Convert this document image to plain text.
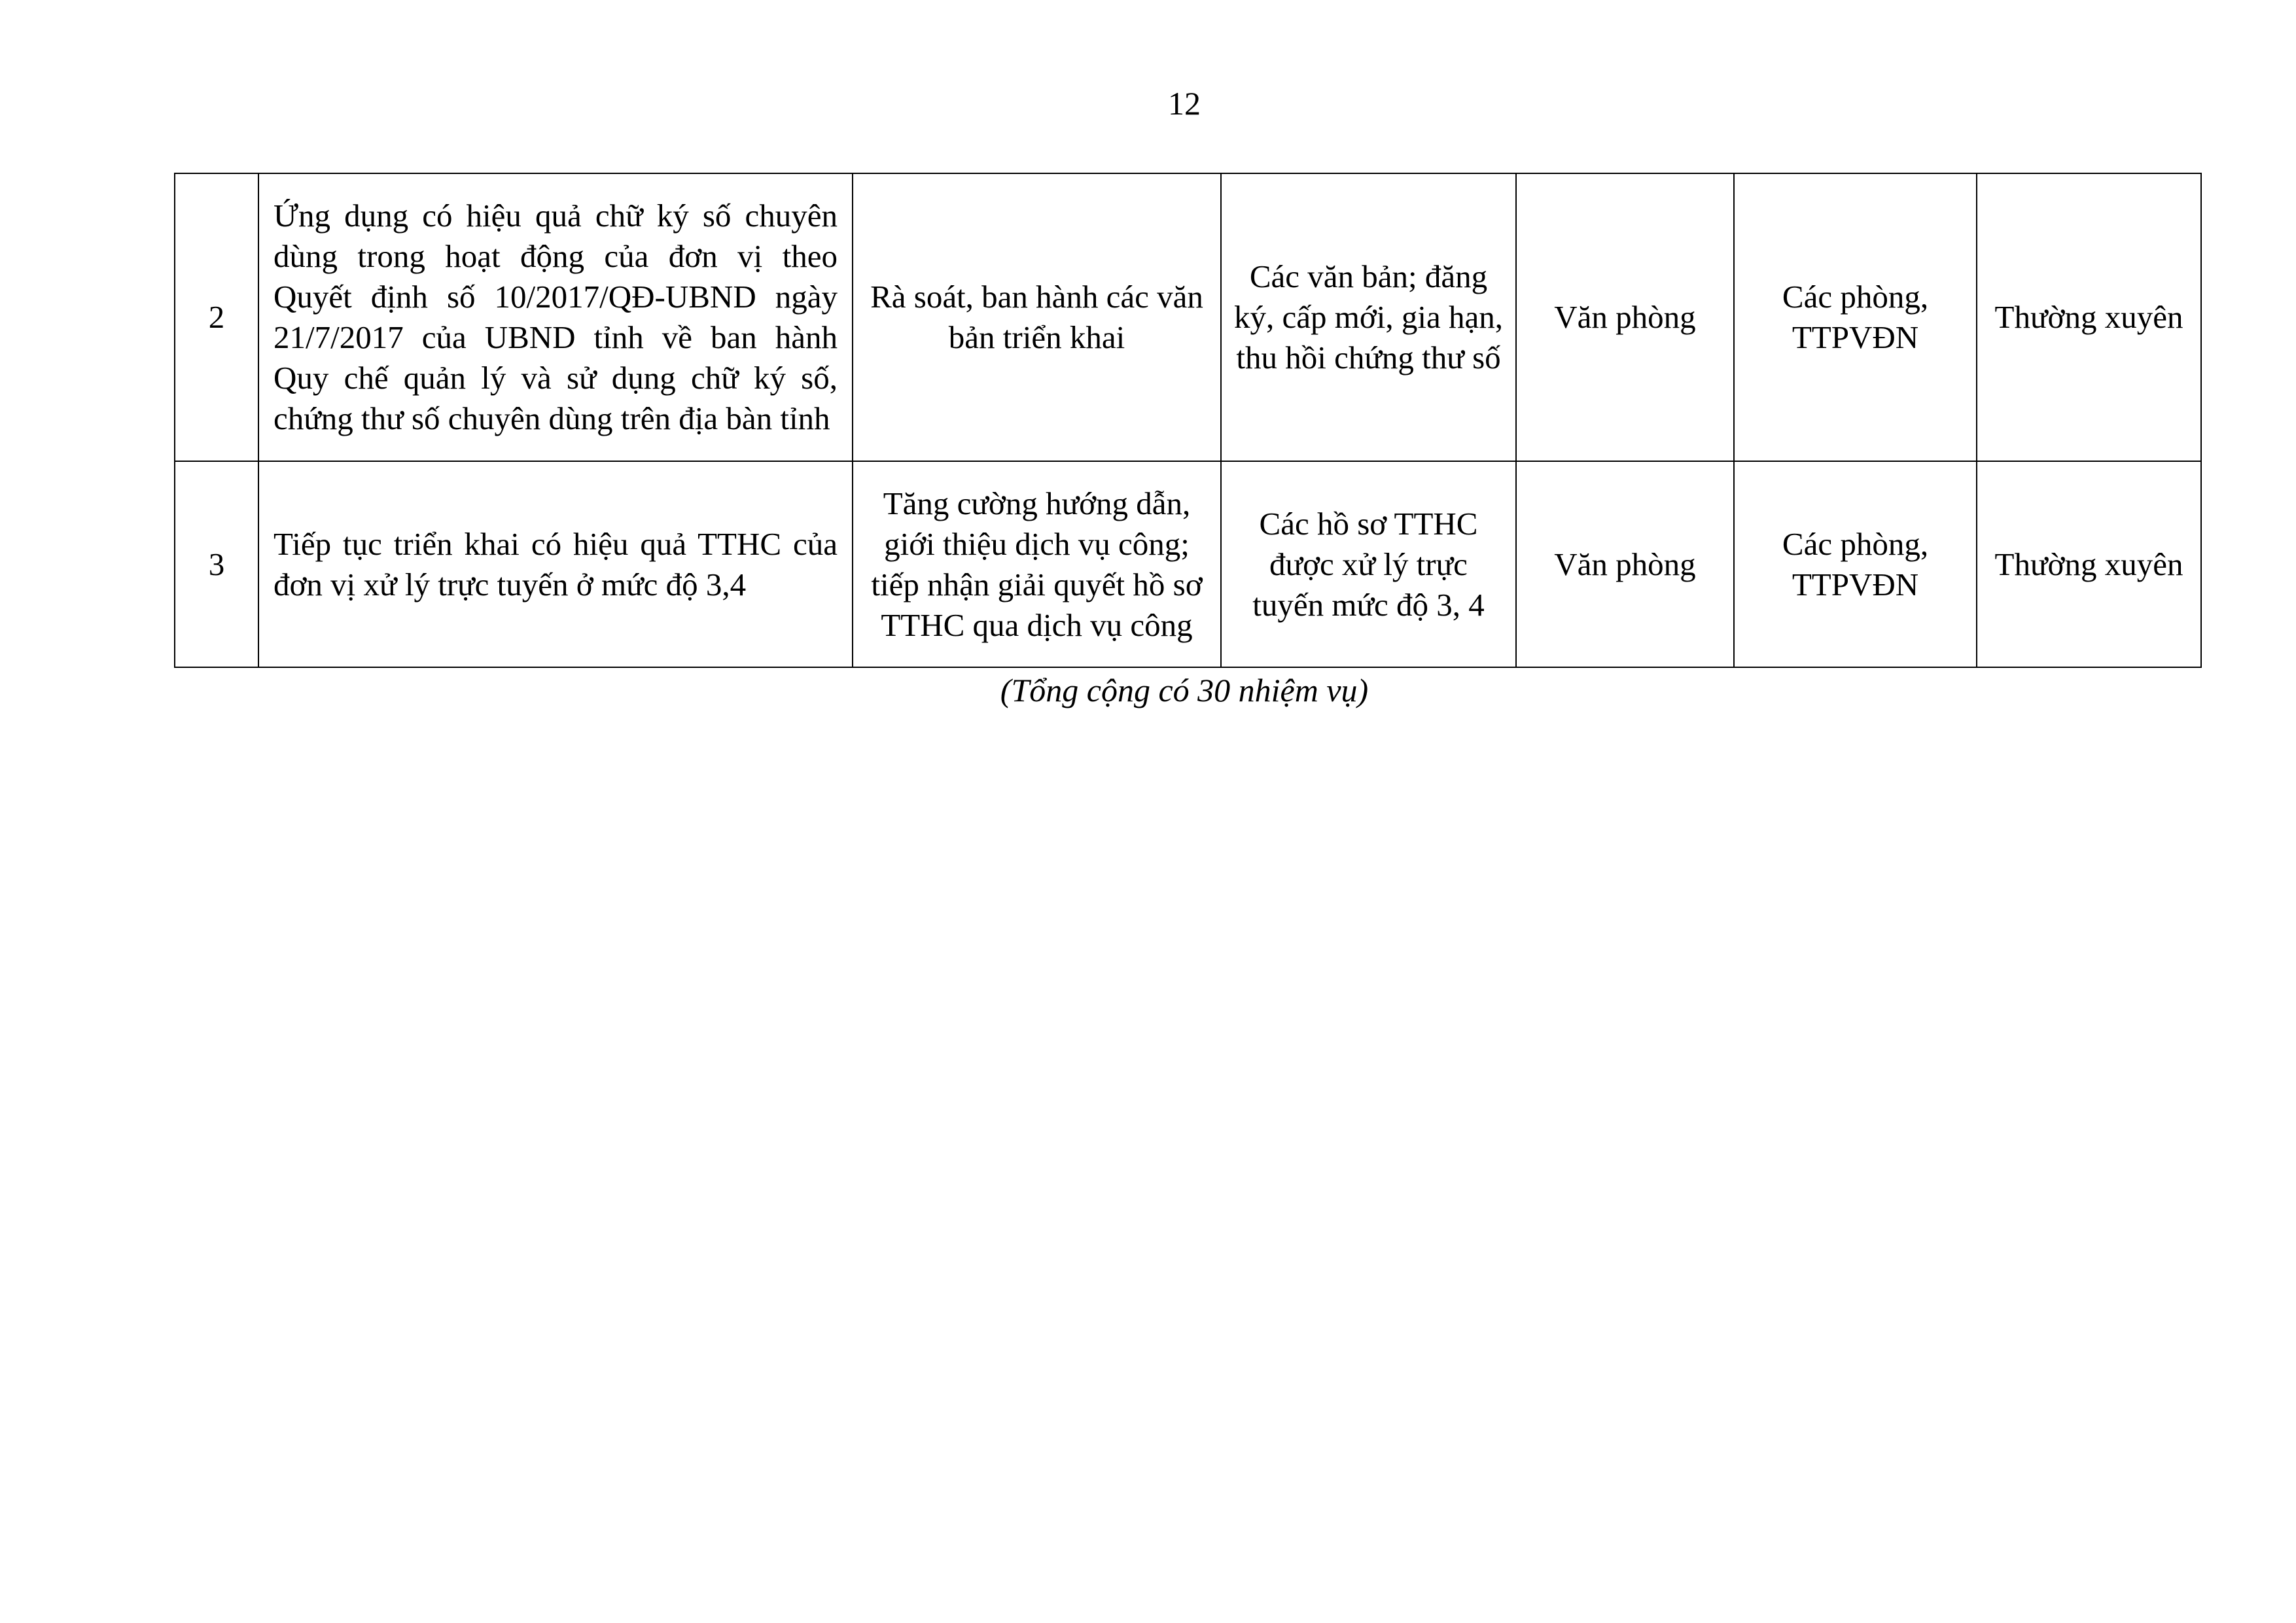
12
2	Ứng dụng có hiệu quả chữ ký số chuyên dùng trong hoạt động của đơn vị theo Quyết định số 10/2017/QĐ-UBND ngày 21/7/2017 của UBND tỉnh về ban hành Quy chế quản lý và sử dụng chữ ký số, chứng thư số chuyên dùng trên địa bàn tỉnh	Rà soát, ban hành các văn bản triển khai	Các văn bản; đăng ký, cấp mới, gia hạn, thu hồi chứng thư số	Văn phòng	Các phòng, TTPVĐN	Thường xuyên
3	Tiếp tục triển khai có hiệu quả TTHC của đơn vị xử lý trực tuyến ở mức độ 3,4	Tăng cường hướng dẫn, giới thiệu dịch vụ công; tiếp nhận giải quyết hồ sơ TTHC qua dịch vụ công	Các hồ sơ TTHC được xử lý trực tuyến mức độ 3, 4	Văn phòng	Các phòng, TTPVĐN	Thường xuyên
(Tổng cộng có 30 nhiệm vụ)
